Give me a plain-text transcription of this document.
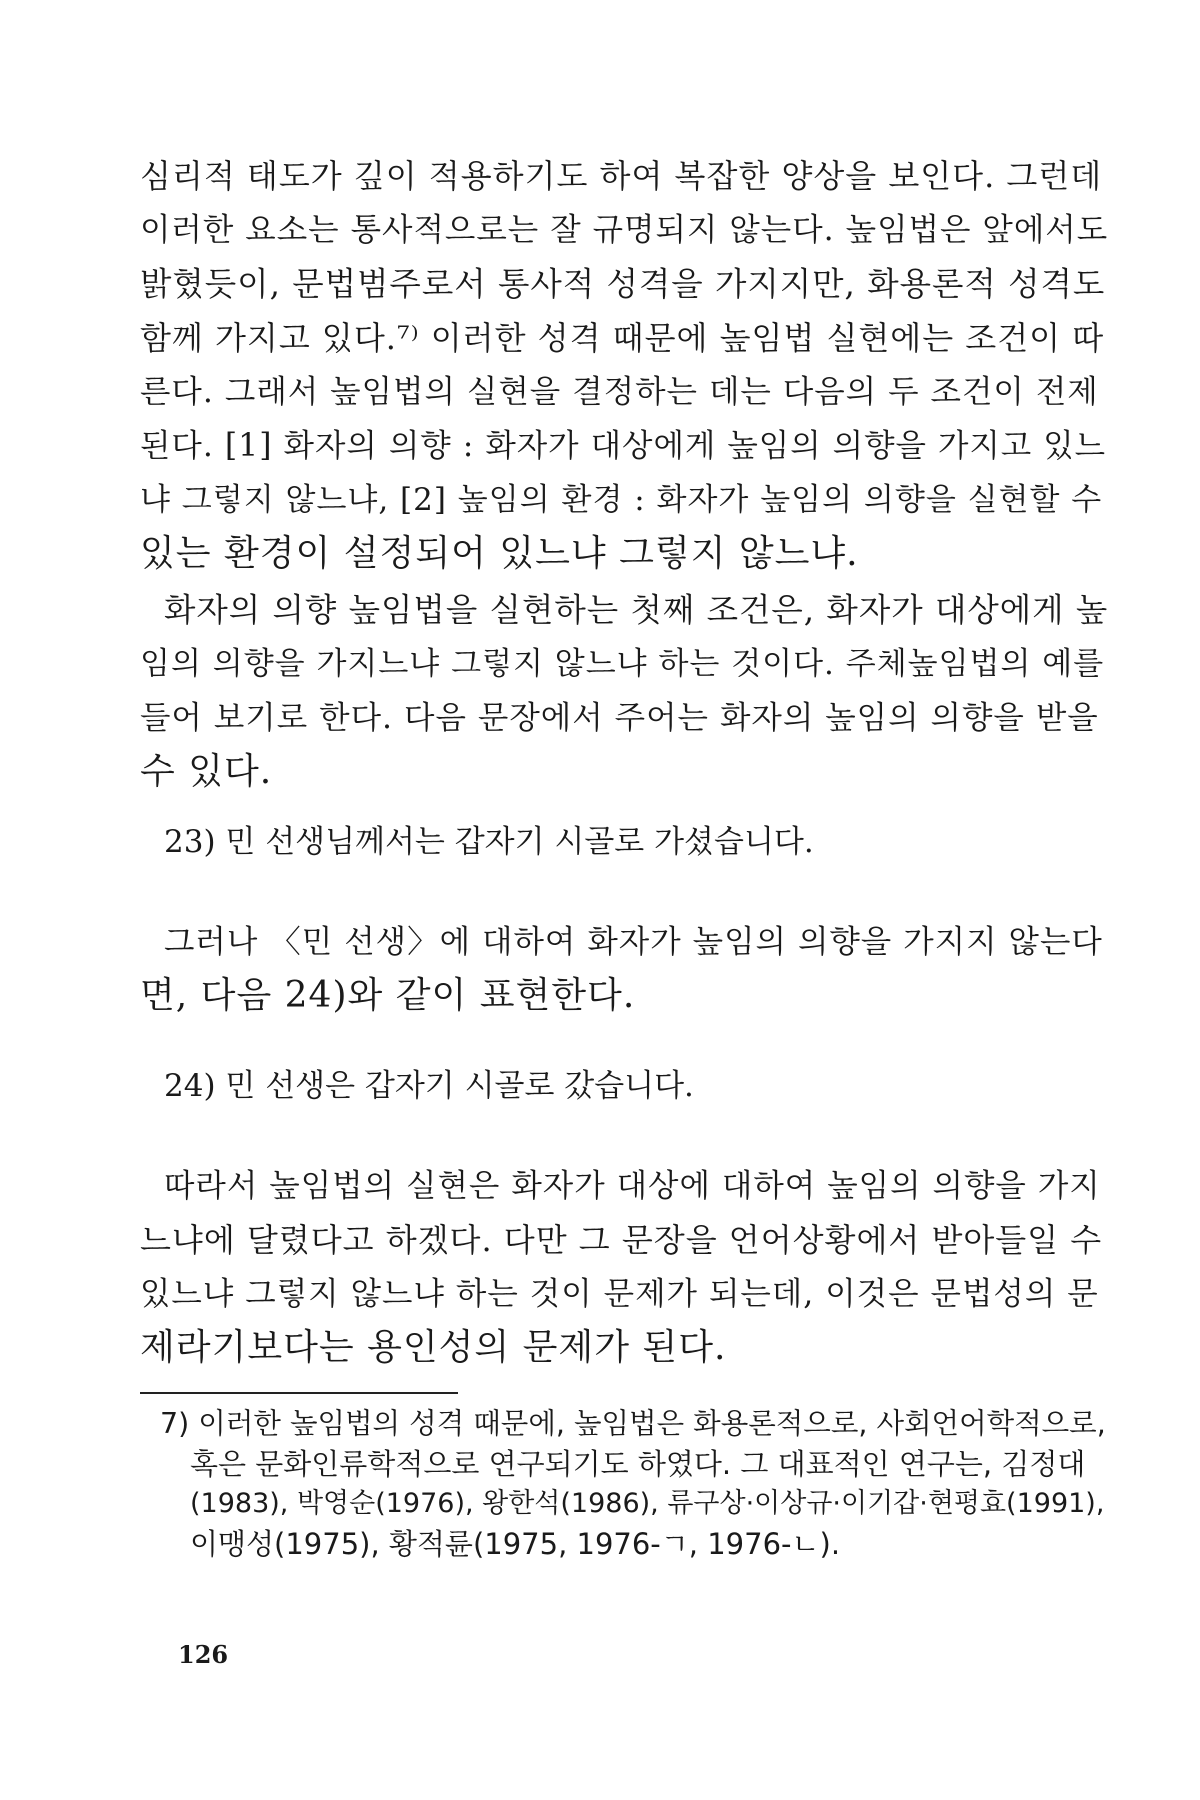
심리적 태도가 깊이 적용하기도 하여 복잡한 양상을 보인다. 그런데
이러한 요소는 통사적으로는 잘 규명되지 않는다. 높임법은 앞에서도
밝혔듯이, 문법범주로서 통사적 성격을 가지지만, 화용론적 성격도
함께 가지고 있다.⁷⁾ 이러한 성격 때문에 높임법 실현에는 조건이 따
른다. 그래서 높임법의 실현을 결정하는 데는 다음의 두 조건이 전제
된다. [1] 화자의 의향 : 화자가 대상에게 높임의 의향을 가지고 있느
냐 그렇지 않느냐, [2] 높임의 환경 : 화자가 높임의 의향을 실현할 수
있는 환경이 설정되어 있느냐 그렇지 않느냐.
화자의 의향 높임법을 실현하는 첫째 조건은, 화자가 대상에게 높
임의 의향을 가지느냐 그렇지 않느냐 하는 것이다. 주체높임법의 예를
들어 보기로 한다. 다음 문장에서 주어는 화자의 높임의 의향을 받을
수 있다.
23) 민 선생님께서는 갑자기 시골로 가셨습니다.
그러나 〈민 선생〉에 대하여 화자가 높임의 의향을 가지지 않는다
면, 다음 24)와 같이 표현한다.
24) 민 선생은 갑자기 시골로 갔습니다.
따라서 높임법의 실현은 화자가 대상에 대하여 높임의 의향을 가지
느냐에 달렸다고 하겠다. 다만 그 문장을 언어상황에서 받아들일 수
있느냐 그렇지 않느냐 하는 것이 문제가 되는데, 이것은 문법성의 문
제라기보다는 용인성의 문제가 된다.
7) 이러한 높임법의 성격 때문에, 높임법은 화용론적으로, 사회언어학적으로,
혹은 문화인류학적으로 연구되기도 하였다. 그 대표적인 연구는, 김정대
(1983), 박영순(1976), 왕한석(1986), 류구상·이상규·이기갑·현평효(1991),
이맹성(1975), 황적륜(1975, 1976-ㄱ, 1976-ㄴ).
126
